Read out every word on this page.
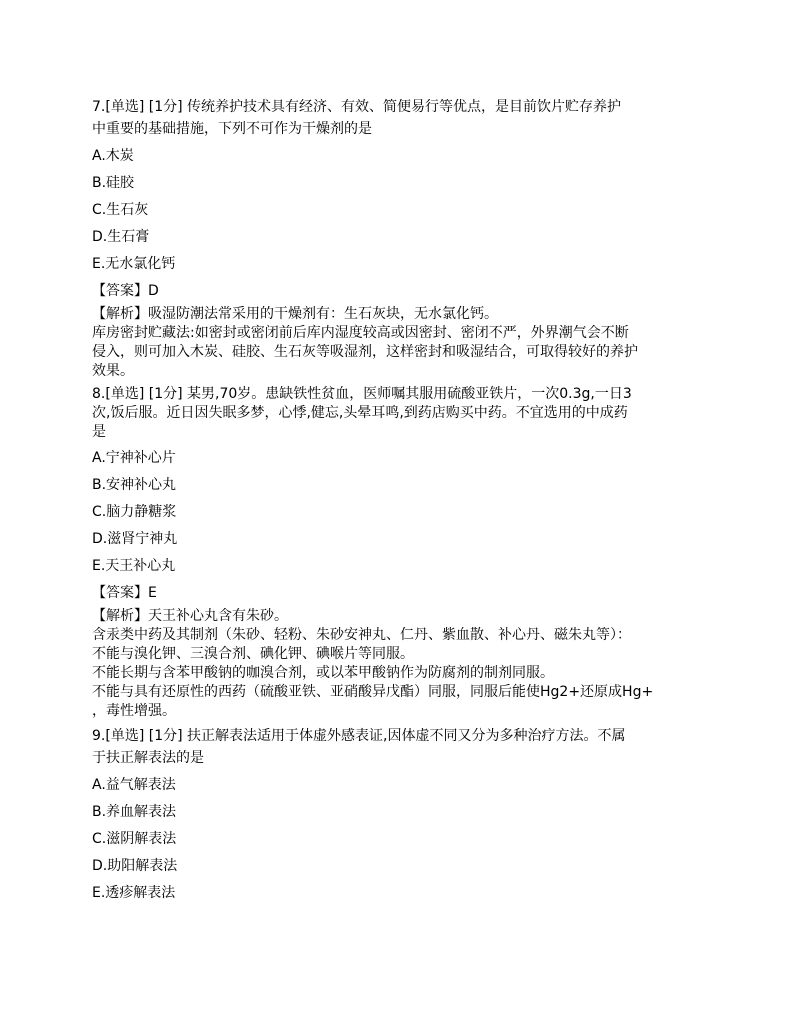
7.[单选] [1分] 传统养护技术具有经济、有效、简便易行等优点，是目前饮片贮存养护
中重要的基础措施，下列不可作为干燥剂的是

A.木炭
B.硅胶
C.生石灰
D.生石膏
E.无水氯化钙
【答案】D

【解析】吸湿防潮法常采用的干燥剂有：生石灰块，无水氯化钙。

库房密封贮藏法:如密封或密闭前后库内湿度较高或因密封、密闭不严，外界潮气会不断

侵入，则可加入木炭、硅胶、生石灰等吸湿剂，这样密封和吸湿结合，可取得较好的养护

效果。

8.[单选] [1分] 某男,70岁。患缺铁性贫血，医师嘱其服用硫酸亚铁片，一次0.3g,一日3
次,饭后服。近日因失眠多梦，心悸,健忘,头晕耳鸣,到药店购买中药。不宜选用的中成药
是

A.宁神补心片
B.安神补心丸
C.脑力静糖浆
D.滋肾宁神丸
E.天王补心丸
【答案】E

【解析】天王补心丸含有朱砂。

含汞类中药及其制剂（朱砂、轻粉、朱砂安神丸、仁丹、紫血散、补心丹、磁朱丸等）：

不能与溴化钾、三溴合剂、碘化钾、碘喉片等同服。

不能长期与含苯甲酸钠的咖溴合剂，或以苯甲酸钠作为防腐剂的制剂同服。

不能与具有还原性的西药（硫酸亚铁、亚硝酸异戊酯）同服，同服后能使Hg2+还原成Hg+

，毒性增强。

9.[单选] [1分] 扶正解表法适用于体虚外感表证,因体虚不同又分为多种治疗方法。不属
于扶正解表法的是

A.益气解表法
B.养血解表法
C.滋阴解表法
D.助阳解表法
E.透疹解表法
